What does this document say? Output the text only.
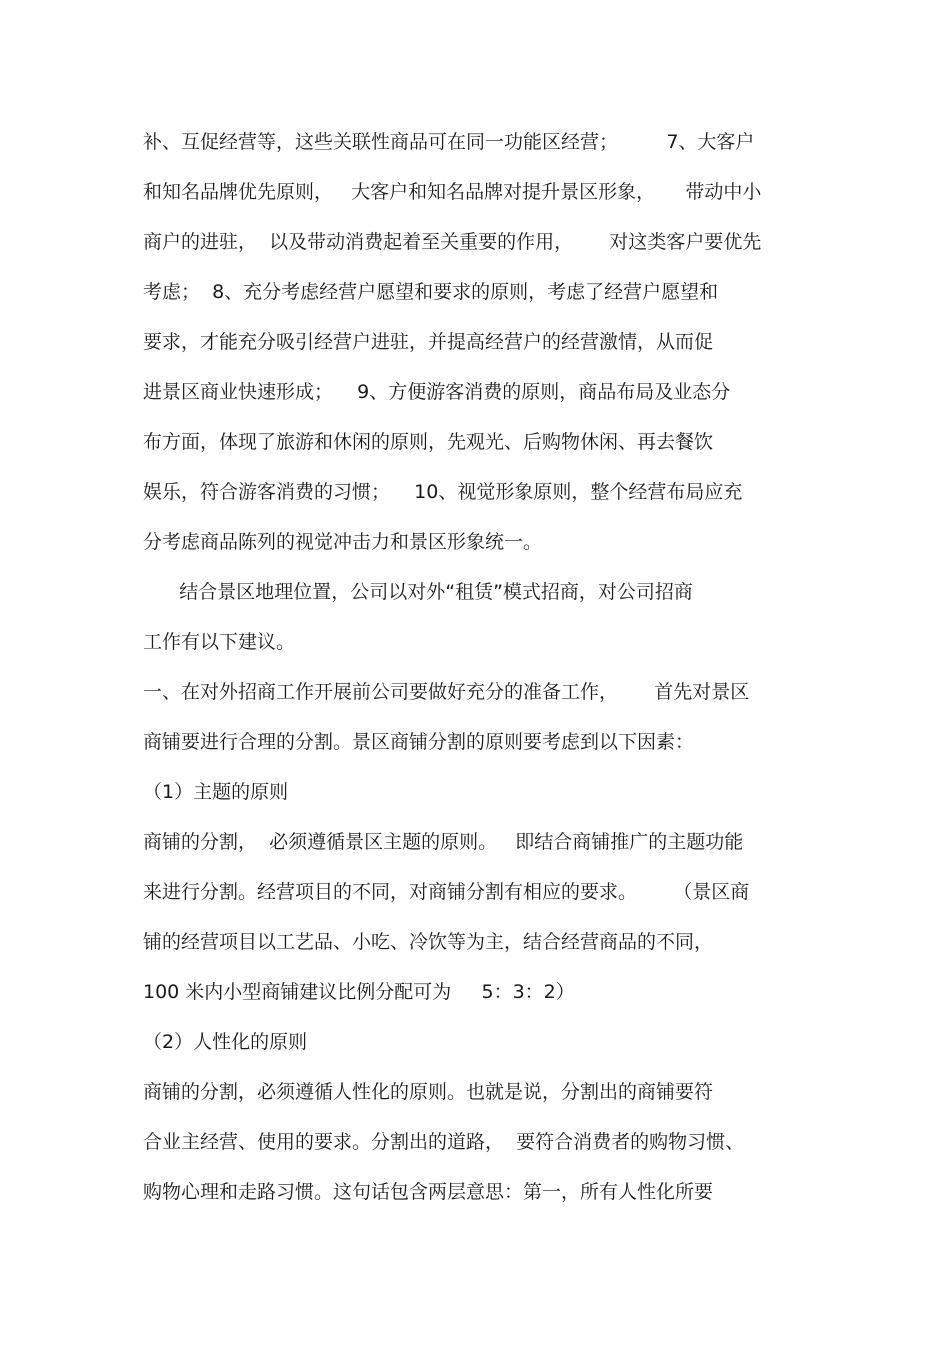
补、互促经营等，这些关联性商品可在同一功能区经营；        7、大客户
和知名品牌优先原则，   大客户和知名品牌对提升景区形象，     带动中小
商户的进驻，  以及带动消费起着至关重要的作用，      对这类客户要优先
考虑；  8、充分考虑经营户愿望和要求的原则，考虑了经营户愿望和
要求，才能充分吸引经营户进驻，并提高经营户的经营激情，从而促
进景区商业快速形成；    9、方便游客消费的原则，商品布局及业态分
布方面，体现了旅游和休闲的原则，先观光、后购物休闲、再去餐饮
娱乐，符合游客消费的习惯；    10、视觉形象原则，整个经营布局应充
分考虑商品陈列的视觉冲击力和景区形象统一。
结合景区地理位置，公司以对外“租赁”模式招商，对公司招商
工作有以下建议。
一、在对外招商工作开展前公司要做好充分的准备工作，      首先对景区
商铺要进行合理的分割。景区商铺分割的原则要考虑到以下因素：
（1）主题的原则
商铺的分割，  必须遵循景区主题的原则。   即结合商铺推广的主题功能
来进行分割。经营项目的不同，对商铺分割有相应的要求。      （景区商
铺的经营项目以工艺品、小吃、冷饮等为主，结合经营商品的不同，
100 米内小型商铺建议比例分配可为     5：3：2）
（2）人性化的原则
商铺的分割，必须遵循人性化的原则。也就是说，分割出的商铺要符
合业主经营、使用的要求。分割出的道路，  要符合消费者的购物习惯、
购物心理和走路习惯。这句话包含两层意思：第一，所有人性化所要
